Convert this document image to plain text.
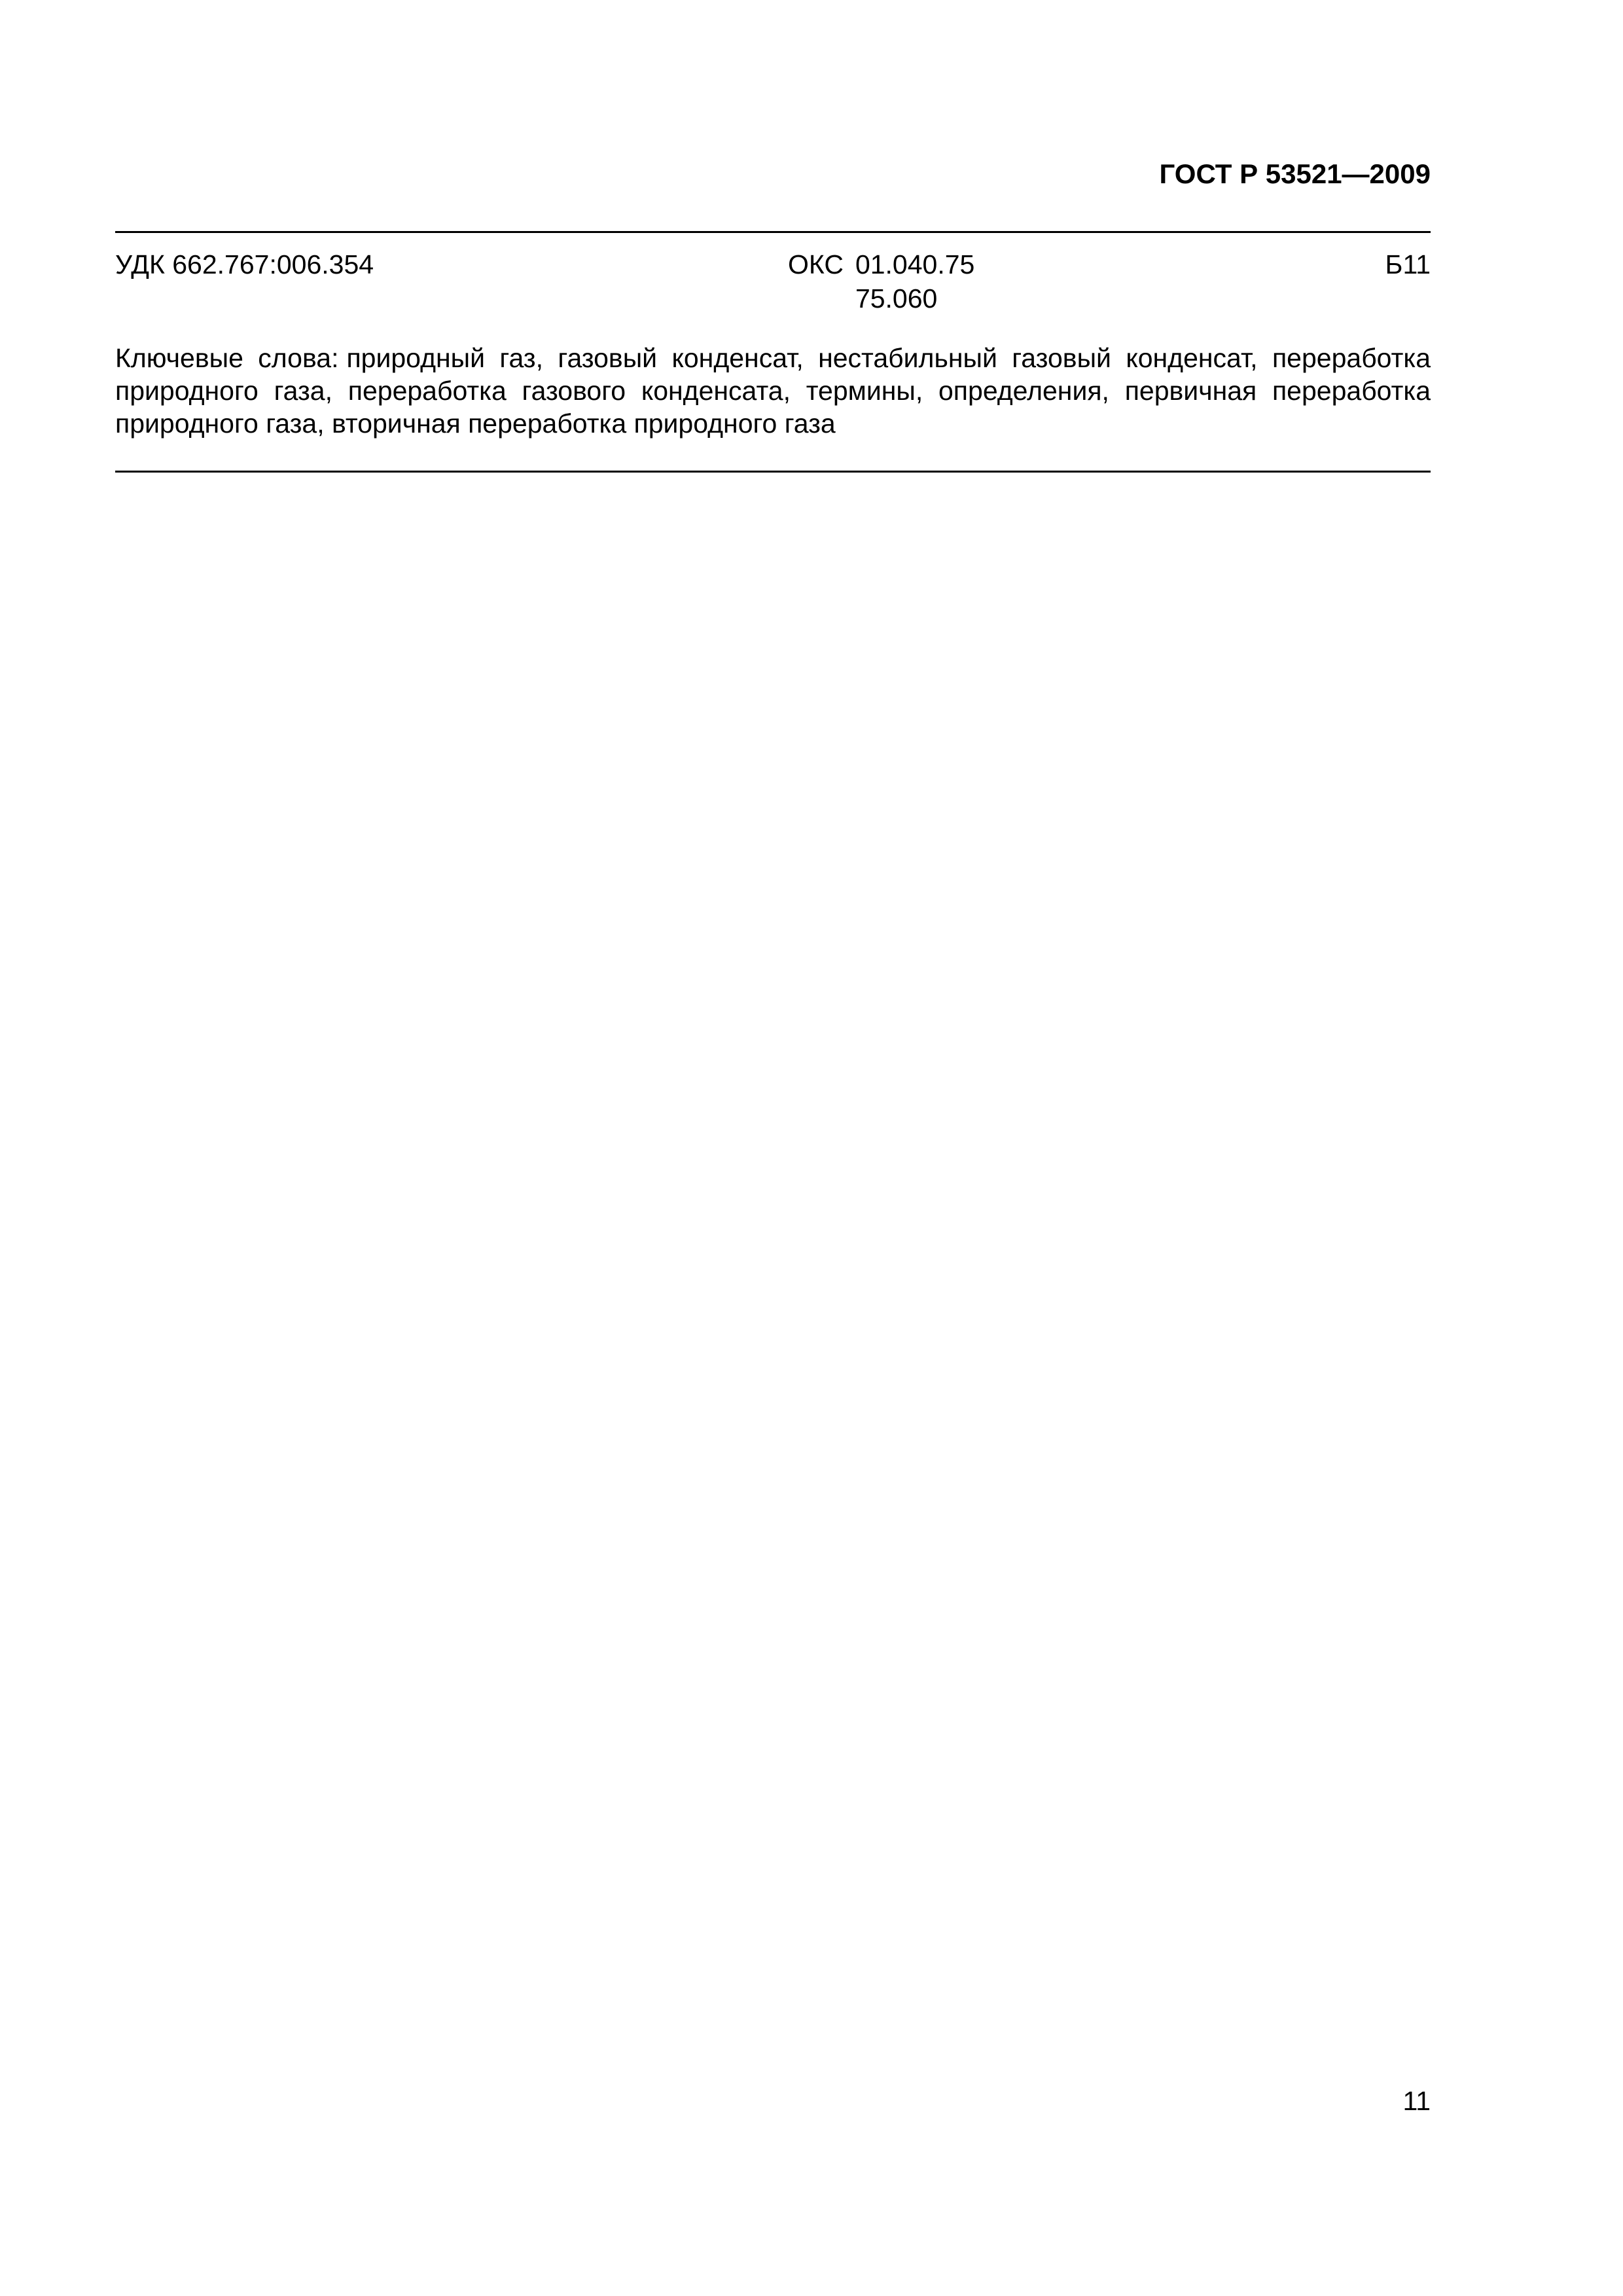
ГОСТ Р 53521—2009
УДК 662.767:006.354	ОКС 01.040.75
75.060
Б11
Ключевые слова: природный газ, газовый конденсат, нестабильный газовый конденсат, переработка природного газа, переработка газового конденсата, термины, определения, первичная переработка природного газа, вторичная переработка природного газа
11
